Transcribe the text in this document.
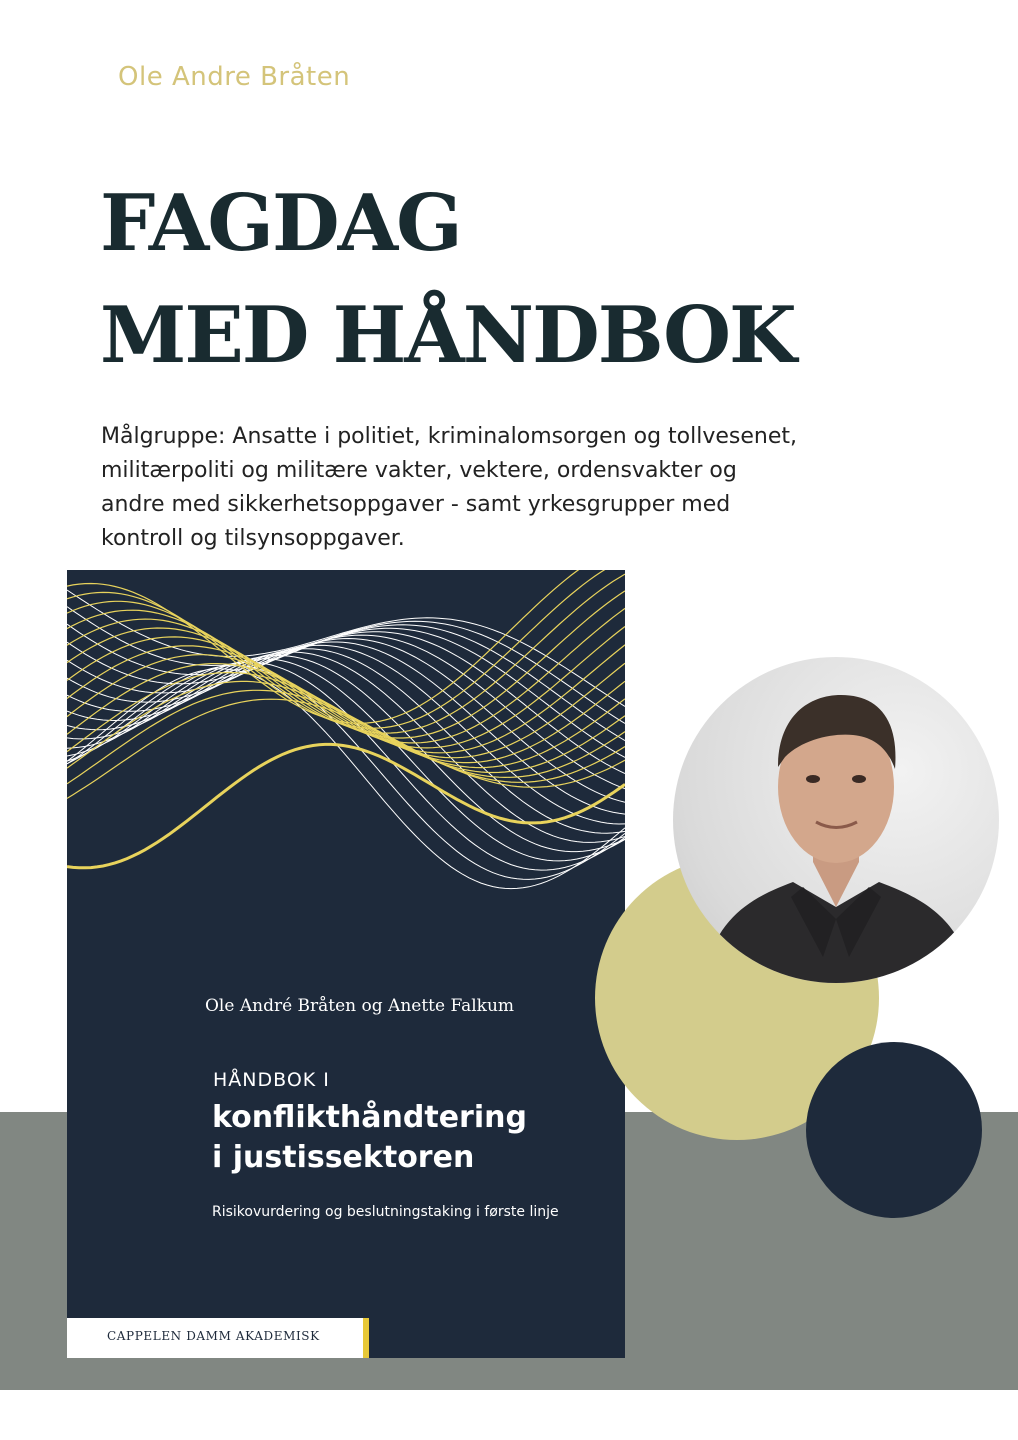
Ole Andre Bråten
FAGDAG
MED HÅNDBOK

Målgruppe: Ansatte i politiet, kriminalomsorgen og tollvesenet, militærpoliti og militære vakter, vektere, ordensvakter og andre med sikkerhetsoppgaver - samt yrkesgrupper med kontroll og tilsynsoppgaver.

Ole André Bråten og Anette Falkum
HÅNDBOK I
konflikthåndtering
i justissektoren
Risikovurdering og beslutningstaking i første linje
CAPPELEN DAMM AKADEMISK
